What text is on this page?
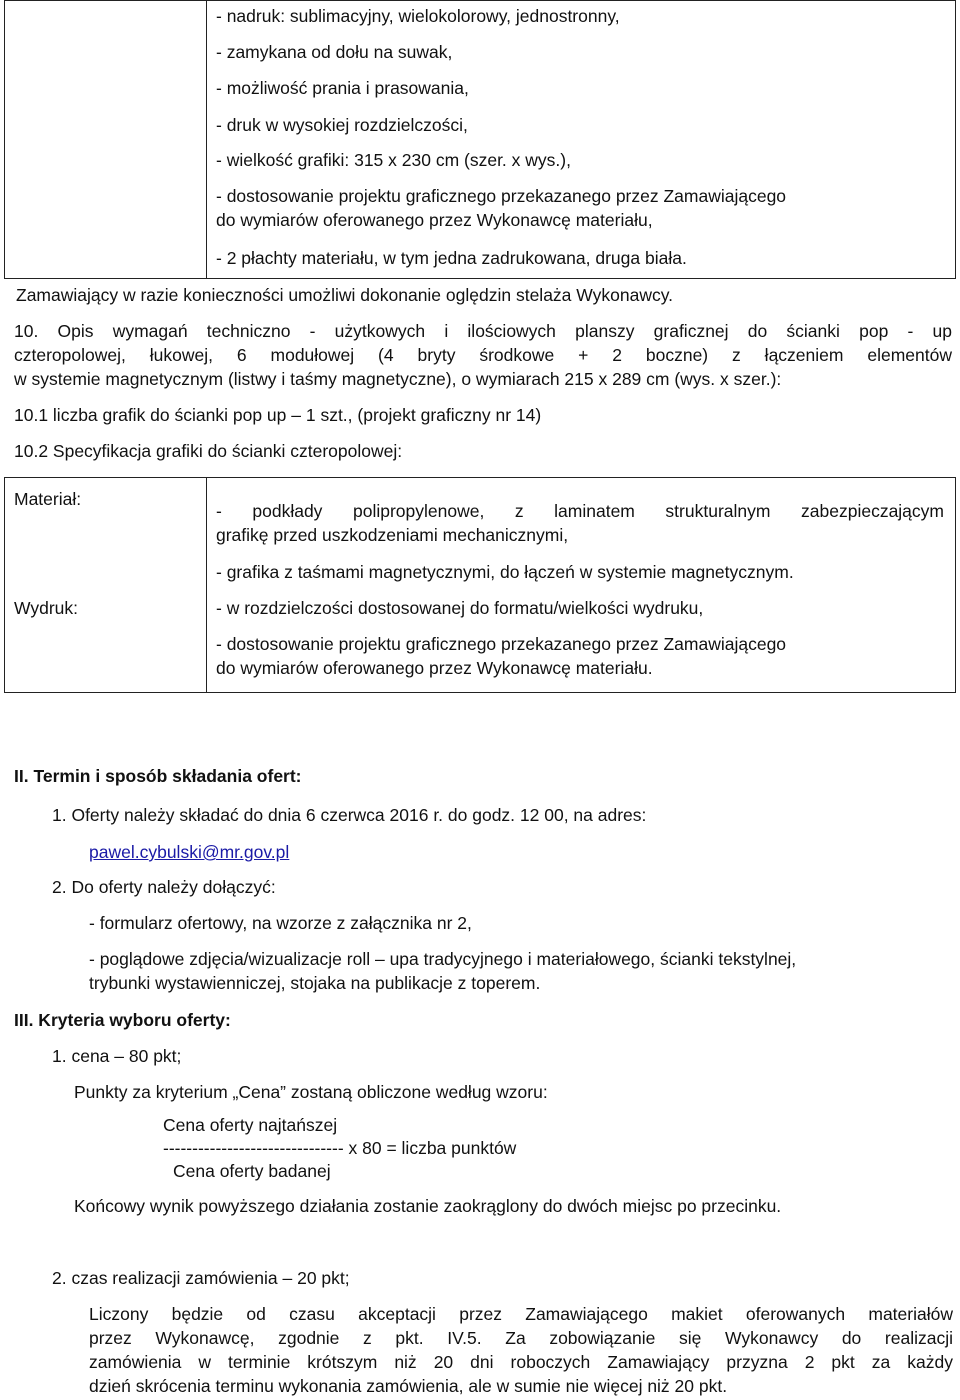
- nadruk: sublimacyjny, wielokolorowy, jednostronny,
- zamykana od dołu na suwak,
- możliwość prania i prasowania,
- druk w wysokiej rozdzielczości,
- wielkość grafiki: 315 x 230 cm (szer. x wys.),
- dostosowanie projektu graficznego przekazanego przez Zamawiającego
do wymiarów oferowanego przez Wykonawcę materiału,
- 2 płachty materiału, w tym jedna zadrukowana, druga biała.
Zamawiający w razie konieczności umożliwi dokonanie oględzin stelaża Wykonawcy.
10. Opis wymagań techniczno - użytkowych i ilościowych planszy graficznej do ścianki pop - up
czteropolowej, łukowej, 6 modułowej (4 bryty środkowe + 2 boczne) z łączeniem elementów
w systemie magnetycznym (listwy i taśmy magnetyczne), o wymiarach 215 x 289 cm (wys. x szer.):
10.1 liczba grafik do ścianki pop up – 1 szt., (projekt graficzny nr 14)
10.2 Specyfikacja grafiki do ścianki czteropolowej:
Materiał:
- podkłady polipropylenowe, z laminatem strukturalnym zabezpieczającym
grafikę przed uszkodzeniami mechanicznymi,
- grafika z taśmami magnetycznymi, do łączeń w systemie magnetycznym.
Wydruk:	- w rozdzielczości dostosowanej do formatu/wielkości wydruku,
- dostosowanie projektu graficznego przekazanego przez Zamawiającego
do wymiarów oferowanego przez Wykonawcę materiału.
II. Termin i sposób składania ofert:
1. Oferty należy składać do dnia 6 czerwca 2016 r. do godz. 12 00, na adres:
pawel.cybulski@mr.gov.pl
2. Do oferty należy dołączyć:
- formularz ofertowy, na wzorze z załącznika nr 2,
- poglądowe zdjęcia/wizualizacje roll – upa tradycyjnego i materiałowego, ścianki tekstylnej,
trybunki wystawienniczej, stojaka na publikacje z toperem.
III. Kryteria wyboru oferty:
1. cena – 80 pkt;
Punkty za kryterium „Cena” zostaną obliczone według wzoru:
Cena oferty najtańszej
------------------------------- x 80 = liczba punktów
Cena oferty badanej
Końcowy wynik powyższego działania zostanie zaokrąglony do dwóch miejsc po przecinku.
2. czas realizacji zamówienia – 20 pkt;
Liczony będzie od czasu akceptacji przez Zamawiającego makiet oferowanych materiałów
przez Wykonawcę, zgodnie z pkt. IV.5. Za zobowiązanie się Wykonawcy do realizacji
zamówienia w terminie krótszym niż 20 dni roboczych Zamawiający przyzna 2 pkt za każdy
dzień skrócenia terminu wykonania zamówienia, ale w sumie nie więcej niż 20 pkt.
